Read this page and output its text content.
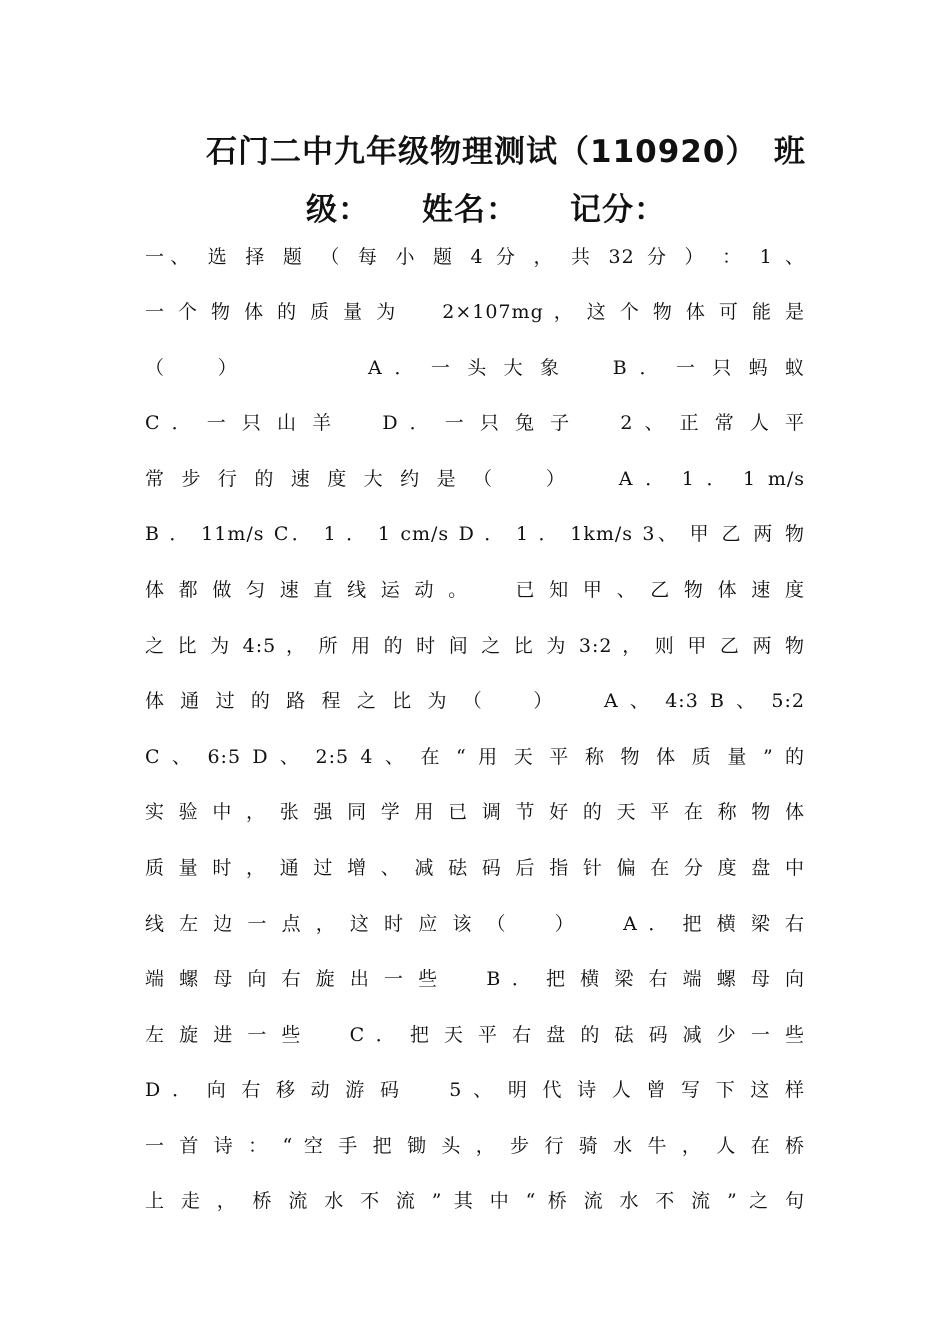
石门二中九年级物理测试（110920）　班
级： 姓名： 记分：
一、 选 择 题 （ 每 小 题 4 分 ， 共 32 分 ） ： 1 、
一 个 物 体 的 质 量 为 　 2×107mg ， 这 个 物 体 可 能 是
（ 　 ）　　　　　 A ． 一 头 大 象 　 B ． 一 只 蚂 蚁
C ． 一 只 山 羊 　 D ． 一 只 兔 子 　 2 、 正 常 人 平
常 步 行 的 速 度 大 约 是 （ 　 ） 　 A ． 1 ． 1 m/s 　
B ． 11m/s C． 1 ． 1 cm/s D ． 1 ． 1km/s 3、 甲 乙 两 物
体 都 做 匀 速 直 线 运 动 。 　 已 知 甲 、 乙 物 体 速 度
之 比 为 4:5 ， 所 用 的 时 间 之 比 为 3:2 ， 则 甲 乙 两 物
体 通 过 的 路 程 之 比 为 （ 　 ） 　 A 、 4:3 B 、 5:2
C 、 6:5 D 、 2:5 4 、 在 “ 用 天 平 称 物 体 质 量 ” 的
实 验 中 ， 张 强 同 学 用 已 调 节 好 的 天 平 在 称 物 体
质 量 时 ， 通 过 增 、 减 砝 码 后 指 针 偏 在 分 度 盘 中
线 左 边 一 点 ， 这 时 应 该 （ 　 ） 　 A ． 把 横 梁 右
端 螺 母 向 右 旋 出 一 些 　 B ． 把 横 梁 右 端 螺 母 向
左 旋 进 一 些 　 C ． 把 天 平 右 盘 的 砝 码 减 少 一 些
D ． 向 右 移 动 游 码 　 5 、 明 代 诗 人 曾 写 下 这 样
一 首 诗 ： “ 空 手 把 锄 头 ， 步 行 骑 水 牛 ， 人 在 桥
上 走 ， 桥 流 水 不 流 ” 其 中 “ 桥 流 水 不 流 ” 之 句
